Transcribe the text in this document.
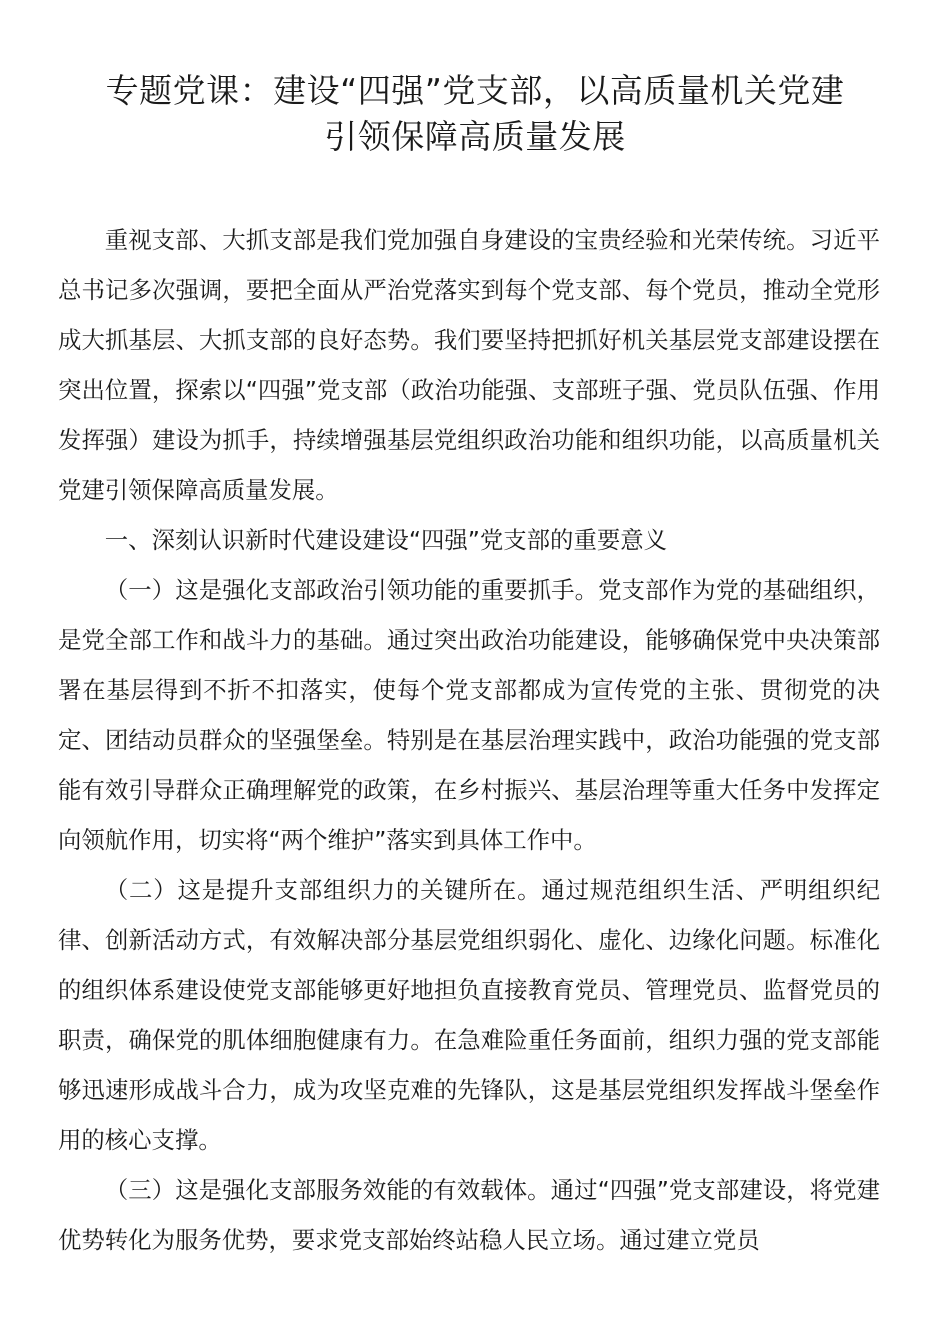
专题党课：建设“四强”党支部，以高质量机关党建
引领保障高质量发展

重视支部、大抓支部是我们党加强自身建设的宝贵经验和光荣传统。习近平总书记多次强调，要把全面从严治党落实到每个党支部、每个党员，推动全党形成大抓基层、大抓支部的良好态势。我们要坚持把抓好机关基层党支部建设摆在突出位置，探索以“四强”党支部（政治功能强、支部班子强、党员队伍强、作用发挥强）建设为抓手，持续增强基层党组织政治功能和组织功能，以高质量机关党建引领保障高质量发展。

一、深刻认识新时代建设建设“四强”党支部的重要意义

（一）这是强化支部政治引领功能的重要抓手。党支部作为党的基础组织，是党全部工作和战斗力的基础。通过突出政治功能建设，能够确保党中央决策部署在基层得到不折不扣落实，使每个党支部都成为宣传党的主张、贯彻党的决定、团结动员群众的坚强堡垒。特别是在基层治理实践中，政治功能强的党支部能有效引导群众正确理解党的政策，在乡村振兴、基层治理等重大任务中发挥定向领航作用，切实将“两个维护”落实到具体工作中。

（二）这是提升支部组织力的关键所在。通过规范组织生活、严明组织纪律、创新活动方式，有效解决部分基层党组织弱化、虚化、边缘化问题。标准化的组织体系建设使党支部能够更好地担负直接教育党员、管理党员、监督党员的职责，确保党的肌体细胞健康有力。在急难险重任务面前，组织力强的党支部能够迅速形成战斗合力，成为攻坚克难的先锋队，这是基层党组织发挥战斗堡垒作用的核心支撑。

（三）这是强化支部服务效能的有效载体。通过“四强”党支部建设，将党建优势转化为服务优势，要求党支部始终站稳人民立场。通过建立党员
